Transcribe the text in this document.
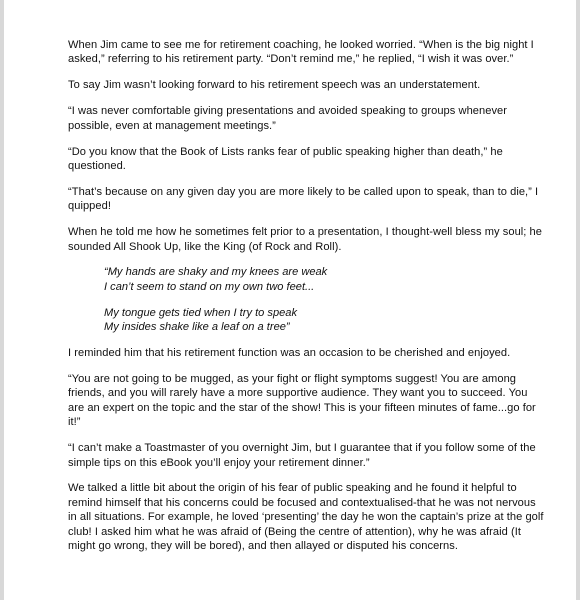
When Jim came to see me for retirement coaching, he looked worried. “When is the big night I asked,” referring to his retirement party. “Don’t remind me,” he replied, “I wish it was over.”

To say Jim wasn’t looking forward to his retirement speech was an understatement.

“I was never comfortable giving presentations and avoided speaking to groups whenever possible, even at management meetings.”

“Do you know that the Book of Lists ranks fear of public speaking higher than death,” he questioned.

“That’s because on any given day you are more likely to be called upon to speak, than to die,” I quipped!

When he told me how he sometimes felt prior to a presentation, I thought-well bless my soul; he sounded All Shook Up, like the King (of Rock and Roll).

“My hands are shaky and my knees are weak
I can’t seem to stand on my own two feet...
My tongue gets tied when I try to speak
My insides shake like a leaf on a tree”

I reminded him that his retirement function was an occasion to be cherished and enjoyed.

“You are not going to be mugged, as your fight or flight symptoms suggest! You are among friends, and you will rarely have a more supportive audience. They want you to succeed. You are an expert on the topic and the star of the show! This is your fifteen minutes of fame...go for it!”

“I can’t make a Toastmaster of you overnight Jim, but I guarantee that if you follow some of the simple tips on this eBook you’ll enjoy your retirement dinner.”

We talked a little bit about the origin of his fear of public speaking and he found it helpful to remind himself that his concerns could be focused and contextualised-that he was not nervous in all situations. For example, he loved ‘presenting’ the day he won the captain’s prize at the golf club! I asked him what he was afraid of (Being the centre of attention), why he was afraid (It might go wrong, they will be bored), and then allayed or disputed his concerns.
